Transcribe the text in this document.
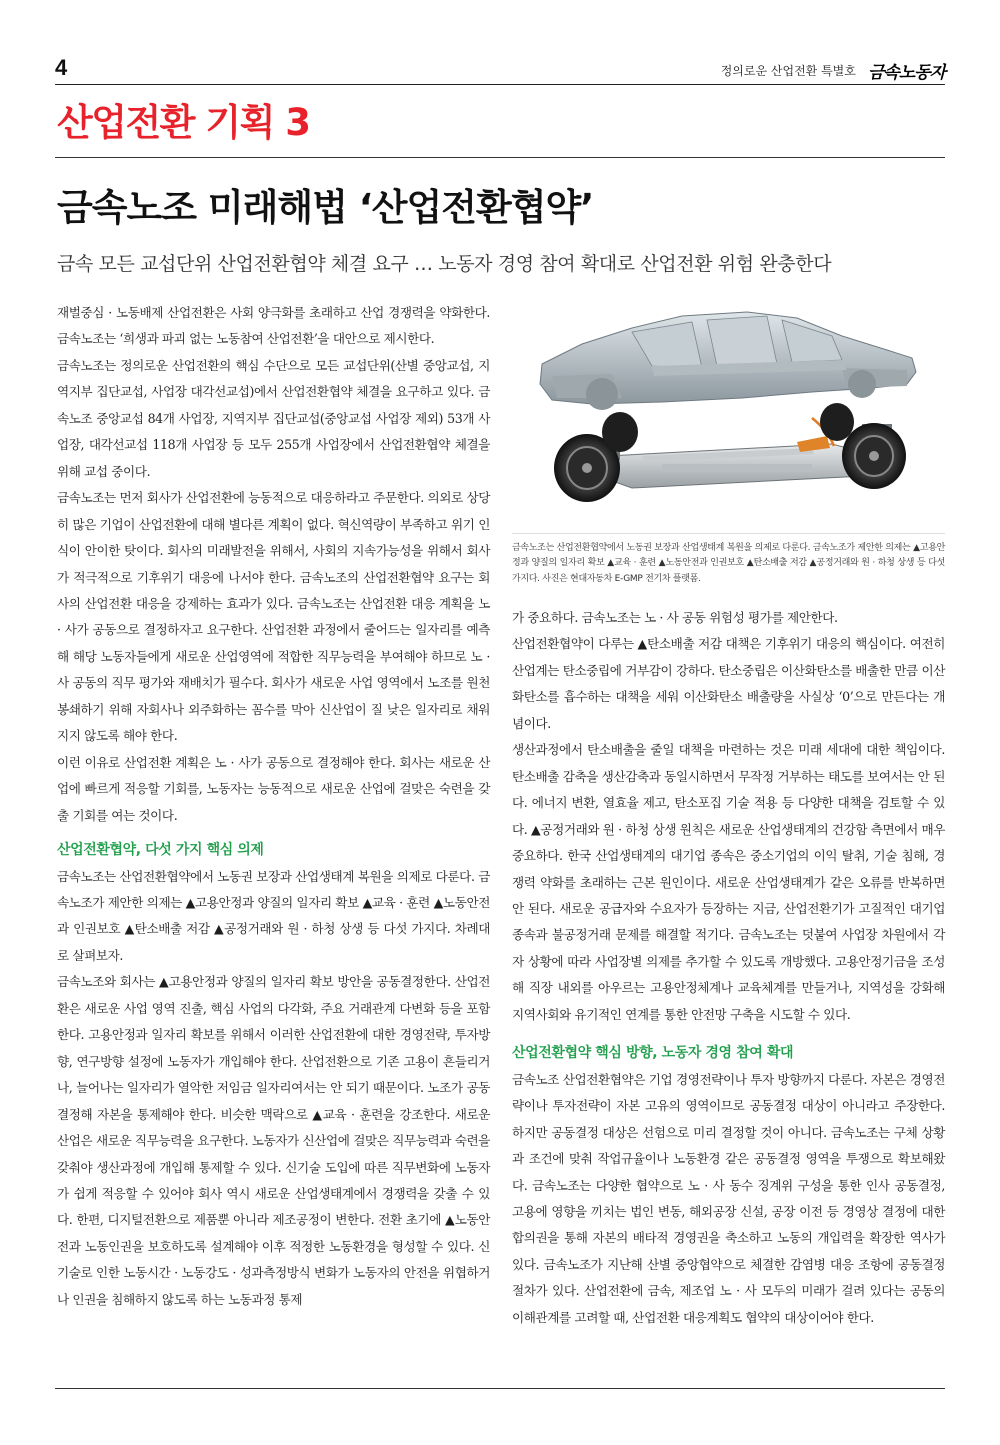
4	정의로운 산업전환 특별호 금속노동자
산업전환 기획 3
금속노조 미래해법 ‘산업전환협약’
금속 모든 교섭단위 산업전환협약 체결 요구 … 노동자 경영 참여 확대로 산업전환 위험 완충한다

재벌중심 · 노동배제 산업전환은 사회 양극화를 초래하고 산업 경쟁력을 약화한다. 금속노조는 ‘희생과 파괴 없는 노동참여 산업전환’을 대안으로 제시한다.

금속노조는 정의로운 산업전환의 핵심 수단으로 모든 교섭단위(산별 중앙교섭, 지역지부 집단교섭, 사업장 대각선교섭)에서 산업전환협약 체결을 요구하고 있다. 금속노조 중앙교섭 84개 사업장, 지역지부 집단교섭(중앙교섭 사업장 제외) 53개 사업장, 대각선교섭 118개 사업장 등 모두 255개 사업장에서 산업전환협약 체결을 위해 교섭 중이다.

금속노조는 먼저 회사가 산업전환에 능동적으로 대응하라고 주문한다. 의외로 상당히 많은 기업이 산업전환에 대해 별다른 계획이 없다. 혁신역량이 부족하고 위기 인식이 안이한 탓이다. 회사의 미래발전을 위해서, 사회의 지속가능성을 위해서 회사가 적극적으로 기후위기 대응에 나서야 한다. 금속노조의 산업전환협약 요구는 회사의 산업전환 대응을 강제하는 효과가 있다. 금속노조는 산업전환 대응 계획을 노 · 사가 공동으로 결정하자고 요구한다. 산업전환 과정에서 줄어드는 일자리를 예측해 해당 노동자들에게 새로운 산업영역에 적합한 직무능력을 부여해야 하므로 노 · 사 공동의 직무 평가와 재배치가 필수다. 회사가 새로운 사업 영역에서 노조를 원천봉쇄하기 위해 자회사나 외주화하는 꼼수를 막아 신산업이 질 낮은 일자리로 채워지지 않도록 해야 한다.

이런 이유로 산업전환 계획은 노 · 사가 공동으로 결정해야 한다. 회사는 새로운 산업에 빠르게 적응할 기회를, 노동자는 능동적으로 새로운 산업에 걸맞은 숙련을 갖출 기회를 여는 것이다.

산업전환협약, 다섯 가지 핵심 의제

금속노조는 산업전환협약에서 노동권 보장과 산업생태계 복원을 의제로 다룬다. 금속노조가 제안한 의제는 ▲고용안정과 양질의 일자리 확보 ▲교육 · 훈련 ▲노동안전과 인권보호 ▲탄소배출 저감 ▲공정거래와 원 · 하청 상생 등 다섯 가지다. 차례대로 살펴보자.

금속노조와 회사는 ▲고용안정과 양질의 일자리 확보 방안을 공동결정한다. 산업전환은 새로운 사업 영역 진출, 핵심 사업의 다각화, 주요 거래관계 다변화 등을 포함한다. 고용안정과 일자리 확보를 위해서 이러한 산업전환에 대한 경영전략, 투자방향, 연구방향 설정에 노동자가 개입해야 한다. 산업전환으로 기존 고용이 흔들리거나, 늘어나는 일자리가 열악한 저임금 일자리여서는 안 되기 때문이다. 노조가 공동결정해 자본을 통제해야 한다. 비슷한 맥락으로 ▲교육 · 훈련을 강조한다. 새로운 산업은 새로운 직무능력을 요구한다. 노동자가 신산업에 걸맞은 직무능력과 숙련을 갖춰야 생산과정에 개입해 통제할 수 있다. 신기술 도입에 따른 직무변화에 노동자가 쉽게 적응할 수 있어야 회사 역시 새로운 산업생태계에서 경쟁력을 갖출 수 있다. 한편, 디지털전환으로 제품뿐 아니라 제조공정이 변한다. 전환 초기에 ▲노동안전과 노동인권을 보호하도록 설계해야 이후 적정한 노동환경을 형성할 수 있다. 신기술로 인한 노동시간 · 노동강도 · 성과측정방식 변화가 노동자의 안전을 위협하거나 인권을 침해하지 않도록 하는 노동과정 통제

금속노조는 산업전환협약에서 노동권 보장과 산업생태계 복원을 의제로 다룬다. 금속노조가 제안한 의제는 ▲고용안정과 양질의 일자리 확보 ▲교육 · 훈련 ▲노동안전과 인권보호 ▲탄소배출 저감 ▲공정거래와 원 · 하청 상생 등 다섯 가지다. 사진은 현대자동차 E-GMP 전기차 플랫폼.

가 중요하다. 금속노조는 노 · 사 공동 위험성 평가를 제안한다.

산업전환협약이 다루는 ▲탄소배출 저감 대책은 기후위기 대응의 핵심이다. 여전히 산업계는 탄소중립에 거부감이 강하다. 탄소중립은 이산화탄소를 배출한 만큼 이산화탄소를 흡수하는 대책을 세워 이산화탄소 배출량을 사실상 ‘0’으로 만든다는 개념이다.

생산과정에서 탄소배출을 줄일 대책을 마련하는 것은 미래 세대에 대한 책임이다. 탄소배출 감축을 생산감축과 동일시하면서 무작정 거부하는 태도를 보여서는 안 된다. 에너지 변환, 열효율 제고, 탄소포집 기술 적용 등 다양한 대책을 검토할 수 있다. ▲공정거래와 원 · 하청 상생 원칙은 새로운 산업생태계의 건강함 측면에서 매우 중요하다. 한국 산업생태계의 대기업 종속은 중소기업의 이익 탈취, 기술 침해, 경쟁력 약화를 초래하는 근본 원인이다. 새로운 산업생태계가 같은 오류를 반복하면 안 된다. 새로운 공급자와 수요자가 등장하는 지금, 산업전환기가 고질적인 대기업 종속과 불공정거래 문제를 해결할 적기다. 금속노조는 덧붙여 사업장 차원에서 각자 상황에 따라 사업장별 의제를 추가할 수 있도록 개방했다. 고용안정기금을 조성해 직장 내외를 아우르는 고용안정체계나 교육체계를 만들거나, 지역성을 강화해 지역사회와 유기적인 연계를 통한 안전망 구축을 시도할 수 있다.

산업전환협약 핵심 방향, 노동자 경영 참여 확대

금속노조 산업전환협약은 기업 경영전략이나 투자 방향까지 다룬다. 자본은 경영전략이나 투자전략이 자본 고유의 영역이므로 공동결정 대상이 아니라고 주장한다. 하지만 공동결정 대상은 선험으로 미리 결정할 것이 아니다. 금속노조는 구체 상황과 조건에 맞춰 작업규율이나 노동환경 같은 공동결정 영역을 투쟁으로 확보해왔다. 금속노조는 다양한 협약으로 노 · 사 동수 징계위 구성을 통한 인사 공동결정, 고용에 영향을 끼치는 법인 변동, 해외공장 신설, 공장 이전 등 경영상 결정에 대한 합의권을 통해 자본의 배타적 경영권을 축소하고 노동의 개입력을 확장한 역사가 있다. 금속노조가 지난해 산별 중앙협약으로 체결한 감염병 대응 조항에 공동결정 절차가 있다. 산업전환에 금속, 제조업 노 · 사 모두의 미래가 걸려 있다는 공동의 이해관계를 고려할 때, 산업전환 대응계획도 협약의 대상이어야 한다.
